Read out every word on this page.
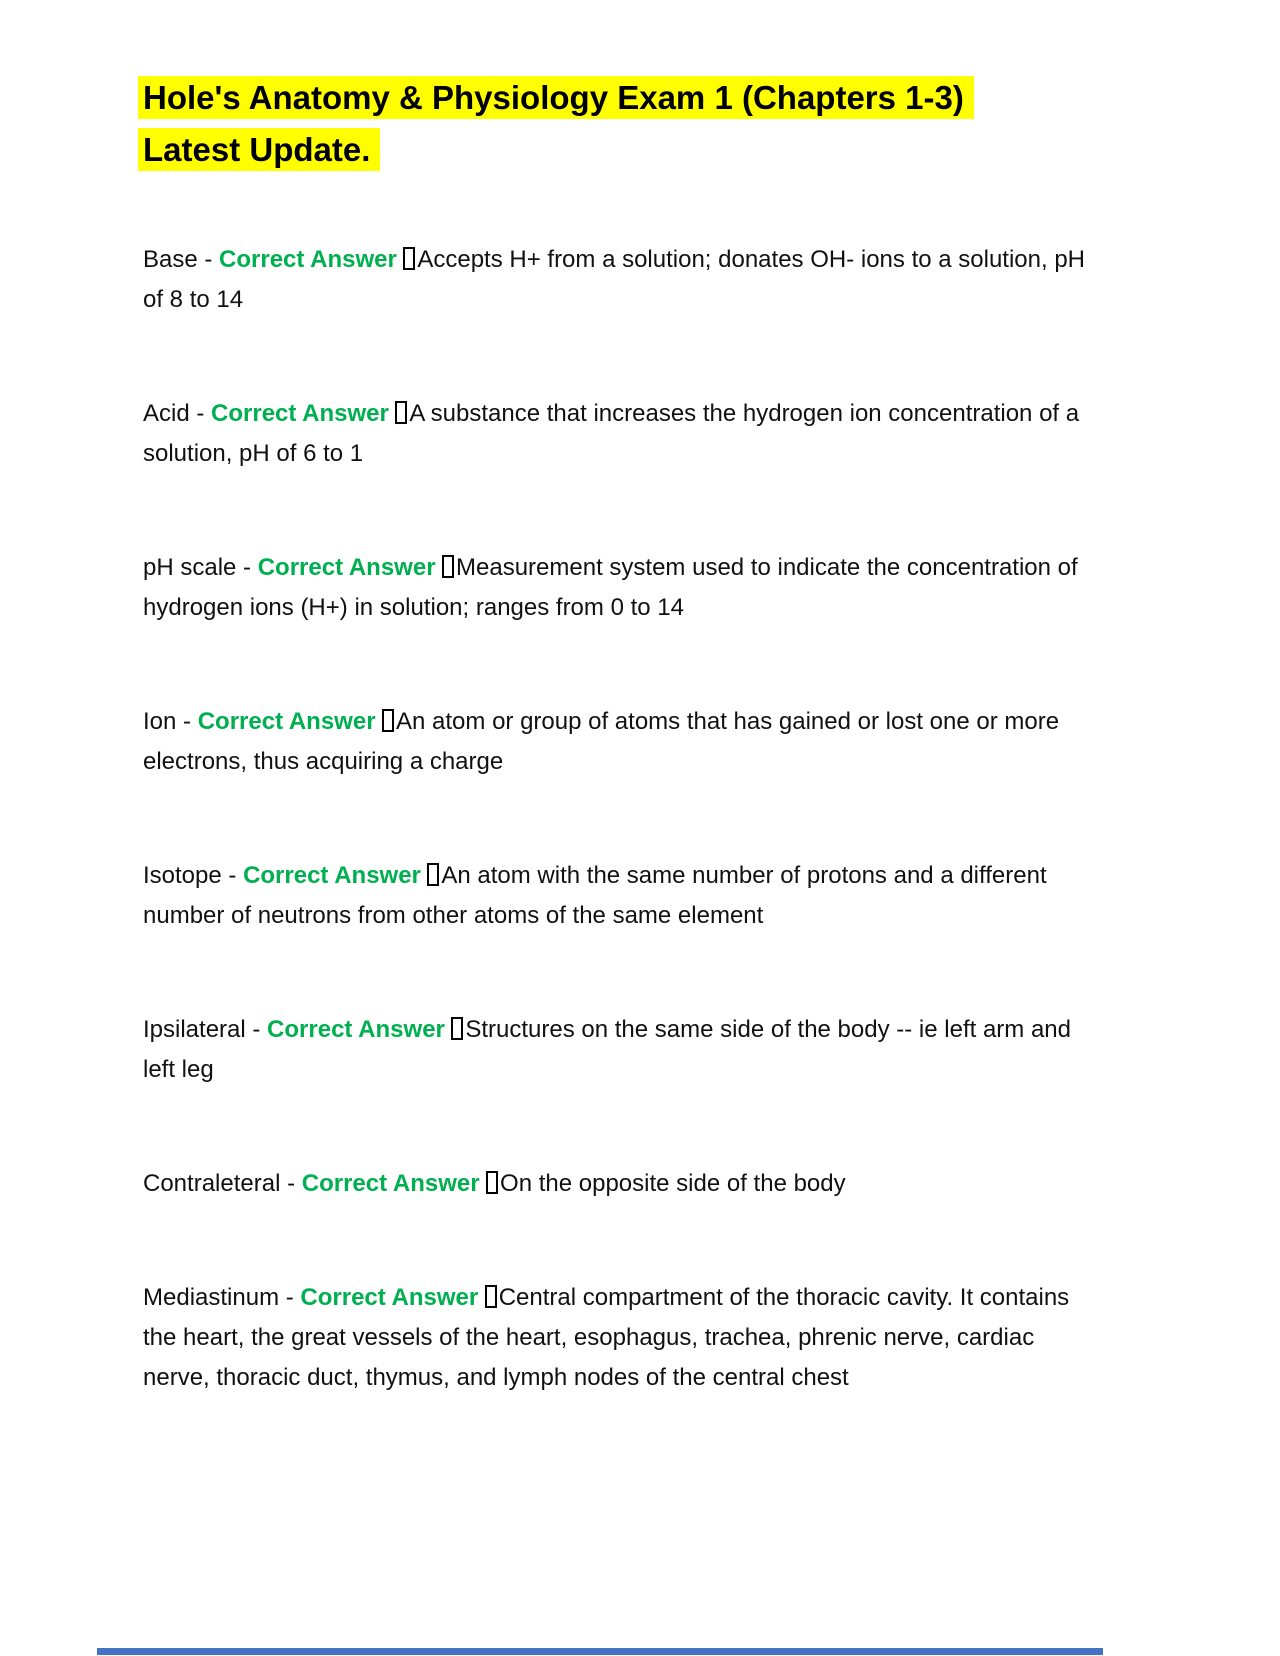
Hole's Anatomy & Physiology Exam 1 (Chapters 1-3)
Latest Update.

Base - Correct Answer Accepts H+ from a solution; donates OH- ions to a solution, pH of 8 to 14

Acid - Correct Answer A substance that increases the hydrogen ion concentration of a solution, pH of 6 to 1

pH scale - Correct Answer Measurement system used to indicate the concentration of hydrogen ions (H+) in solution; ranges from 0 to 14

Ion - Correct Answer An atom or group of atoms that has gained or lost one or more electrons, thus acquiring a charge

Isotope - Correct Answer An atom with the same number of protons and a different number of neutrons from other atoms of the same element

Ipsilateral - Correct Answer Structures on the same side of the body -- ie left arm and left leg

Contraleteral - Correct Answer On the opposite side of the body

Mediastinum - Correct Answer Central compartment of the thoracic cavity. It contains the heart, the great vessels of the heart, esophagus, trachea, phrenic nerve, cardiac nerve, thoracic duct, thymus, and lymph nodes of the central chest
